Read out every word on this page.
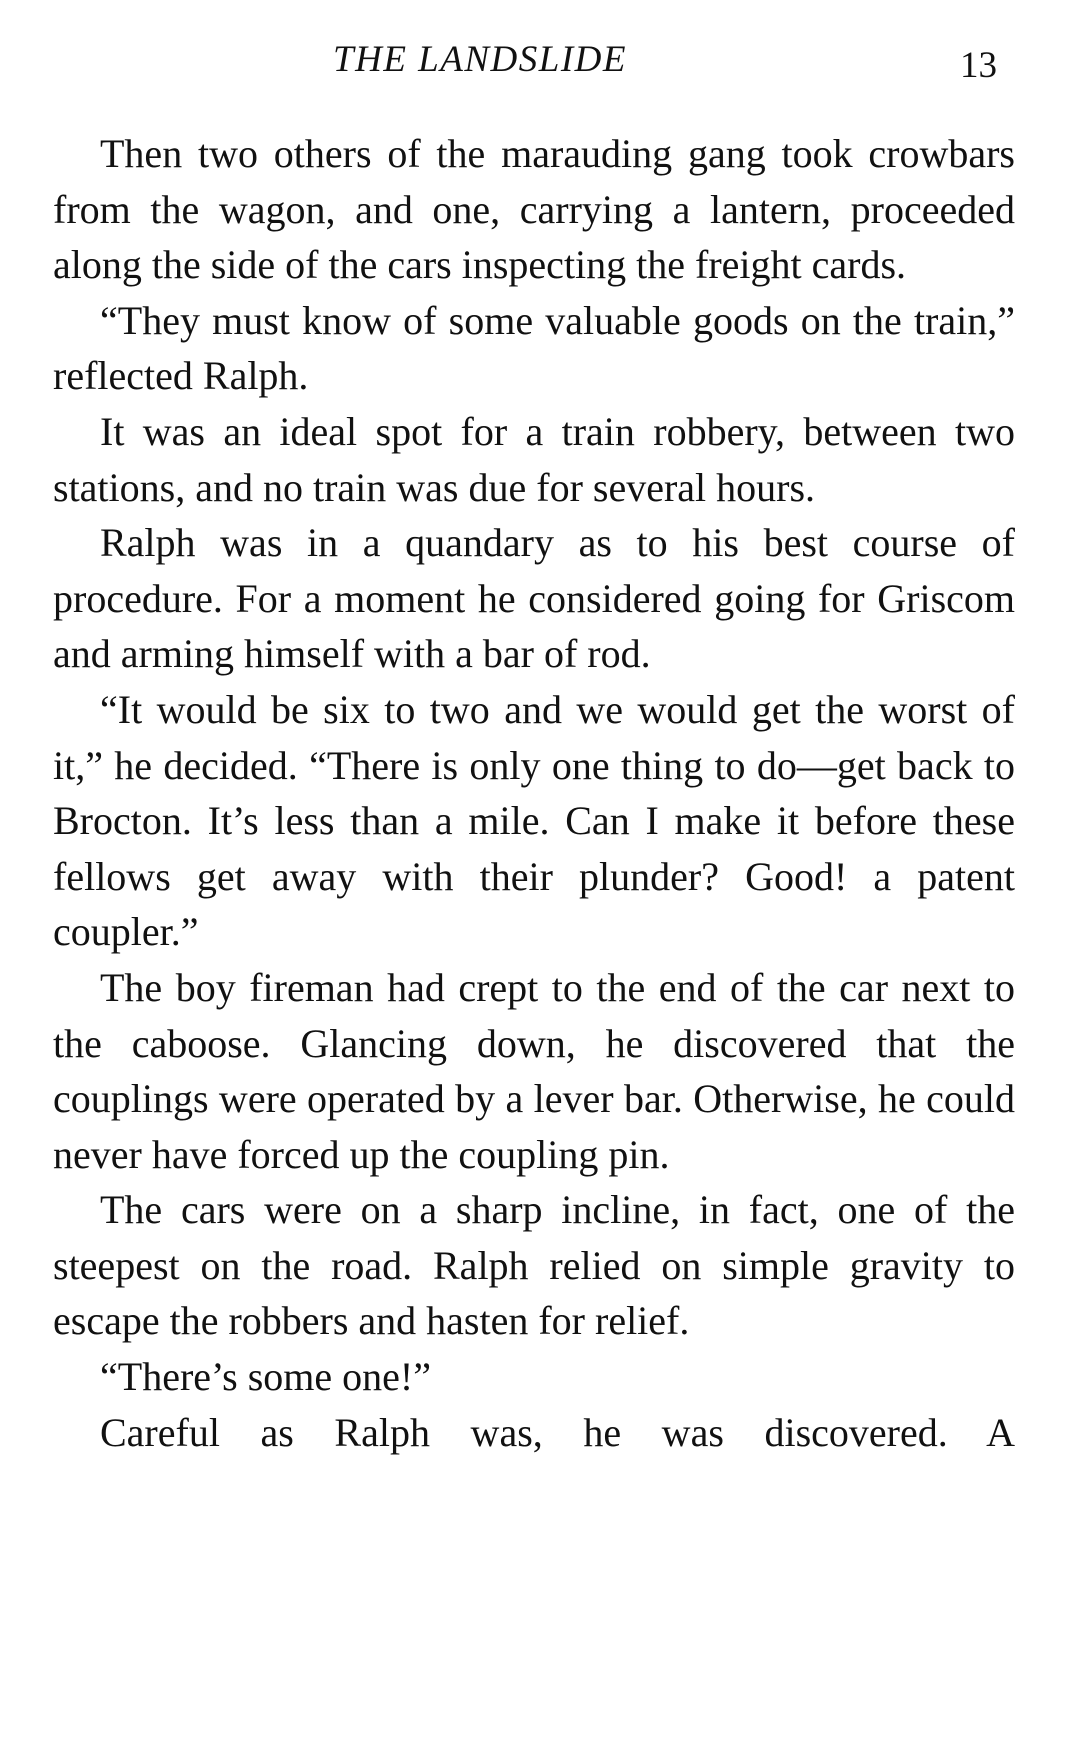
THE LANDSLIDE	13

Then two others of the marauding gang took crowbars from the wagon, and one, carrying a lantern, proceeded along the side of the cars inspecting the freight cards.

“They must know of some valuable goods on the train,” reflected Ralph.

It was an ideal spot for a train robbery, between two stations, and no train was due for several hours.

Ralph was in a quandary as to his best course of procedure. For a moment he considered going for Griscom and arming himself with a bar of rod.

“It would be six to two and we would get the worst of it,” he decided. “There is only one thing to do—get back to Brocton. It’s less than a mile. Can I make it before these fellows get away with their plunder? Good! a patent coupler.”

The boy fireman had crept to the end of the car next to the caboose. Glancing down, he discovered that the couplings were operated by a lever bar. Otherwise, he could never have forced up the coupling pin.

The cars were on a sharp incline, in fact, one of the steepest on the road. Ralph relied on simple gravity to escape the robbers and hasten for relief.

“There’s some one!”

Careful as Ralph was, he was discovered. A
